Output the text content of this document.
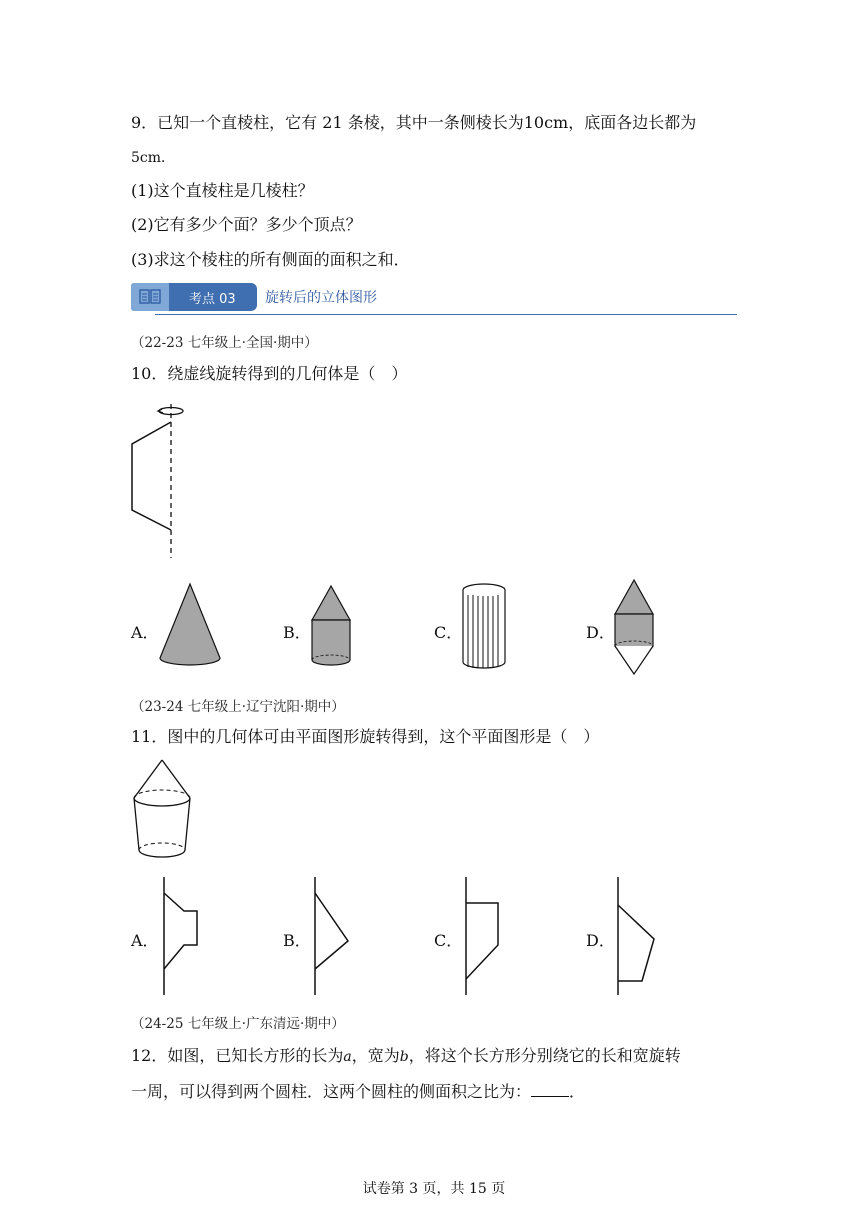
9．已知一个直棱柱，它有 21 条棱，其中一条侧棱长为10cm，底面各边长都为
5cm．
(1)这个直棱柱是几棱柱？
(2)它有多少个面？多少个顶点？
(3)求这个棱柱的所有侧面的面积之和．
考点 03 旋转后的立体图形
（22-23 七年级上·全国·期中）
10．绕虚线旋转得到的几何体是（　）
A．	B．	C．	D．
（23-24 七年级上·辽宁沈阳·期中）
11．图中的几何体可由平面图形旋转得到，这个平面图形是（　）
A．	B．	C．	D．
（24-25 七年级上·广东清远·期中）
12．如图，已知长方形的长为a，宽为b，将这个长方形分别绕它的长和宽旋转
一周，可以得到两个圆柱．这两个圆柱的侧面积之比为： ．
试卷第 3 页，共 15 页
